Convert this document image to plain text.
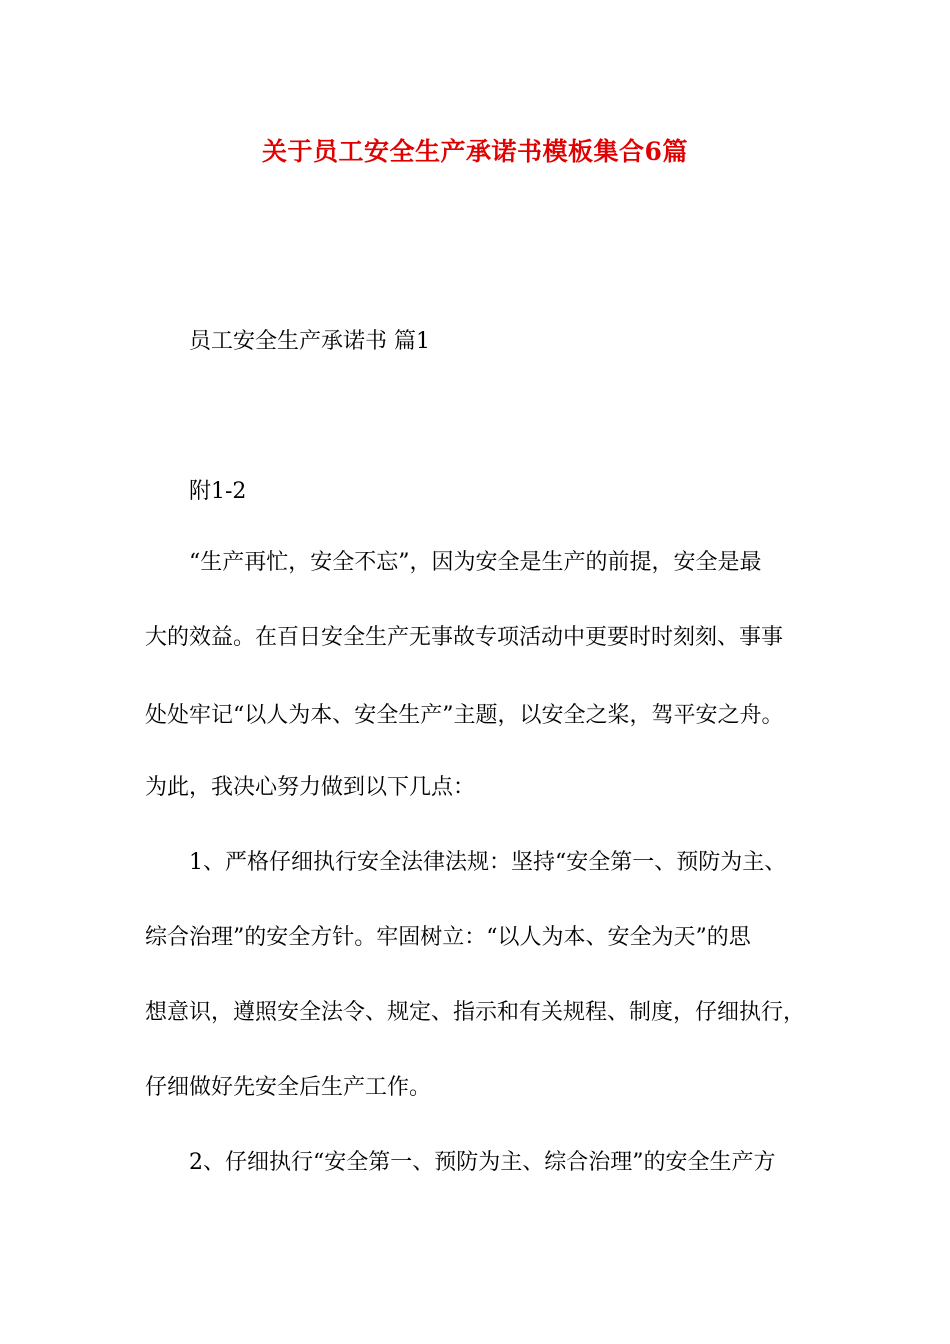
关于员工安全生产承诺书模板集合6篇
员工安全生产承诺书 篇1
附1-2
“生产再忙，安全不忘”，因为安全是生产的前提，安全是最
大的效益。在百日安全生产无事故专项活动中更要时时刻刻、事事
处处牢记“以人为本、安全生产”主题，以安全之桨，驾平安之舟。
为此，我决心努力做到以下几点：
1、严格仔细执行安全法律法规：坚持“安全第一、预防为主、
综合治理”的安全方针。牢固树立：“以人为本、安全为天”的思
想意识，遵照安全法令、规定、指示和有关规程、制度，仔细执行，
仔细做好先安全后生产工作。
2、仔细执行“安全第一、预防为主、综合治理”的安全生产方
